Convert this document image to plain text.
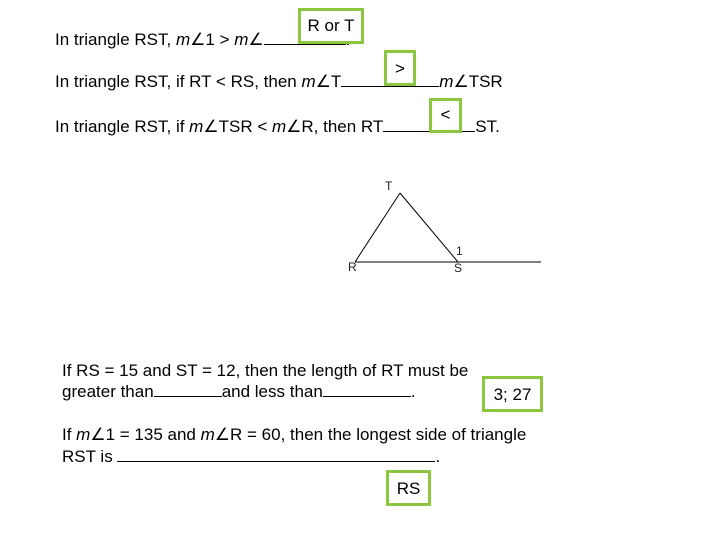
In triangle RST, m∠1 > m∠
R or T
In triangle RST, if RT < RS, then m∠T	m∠TSR
>
In triangle RST, if m∠TSR < m∠R, then RT	ST.
<
T
R	S
1
If RS = 15 and ST = 12, then the length of RT must be
greater than	and less than	.	3; 27
If m∠1 = 135 and m∠R = 60, then the longest side of triangle
RST is	.
RS
